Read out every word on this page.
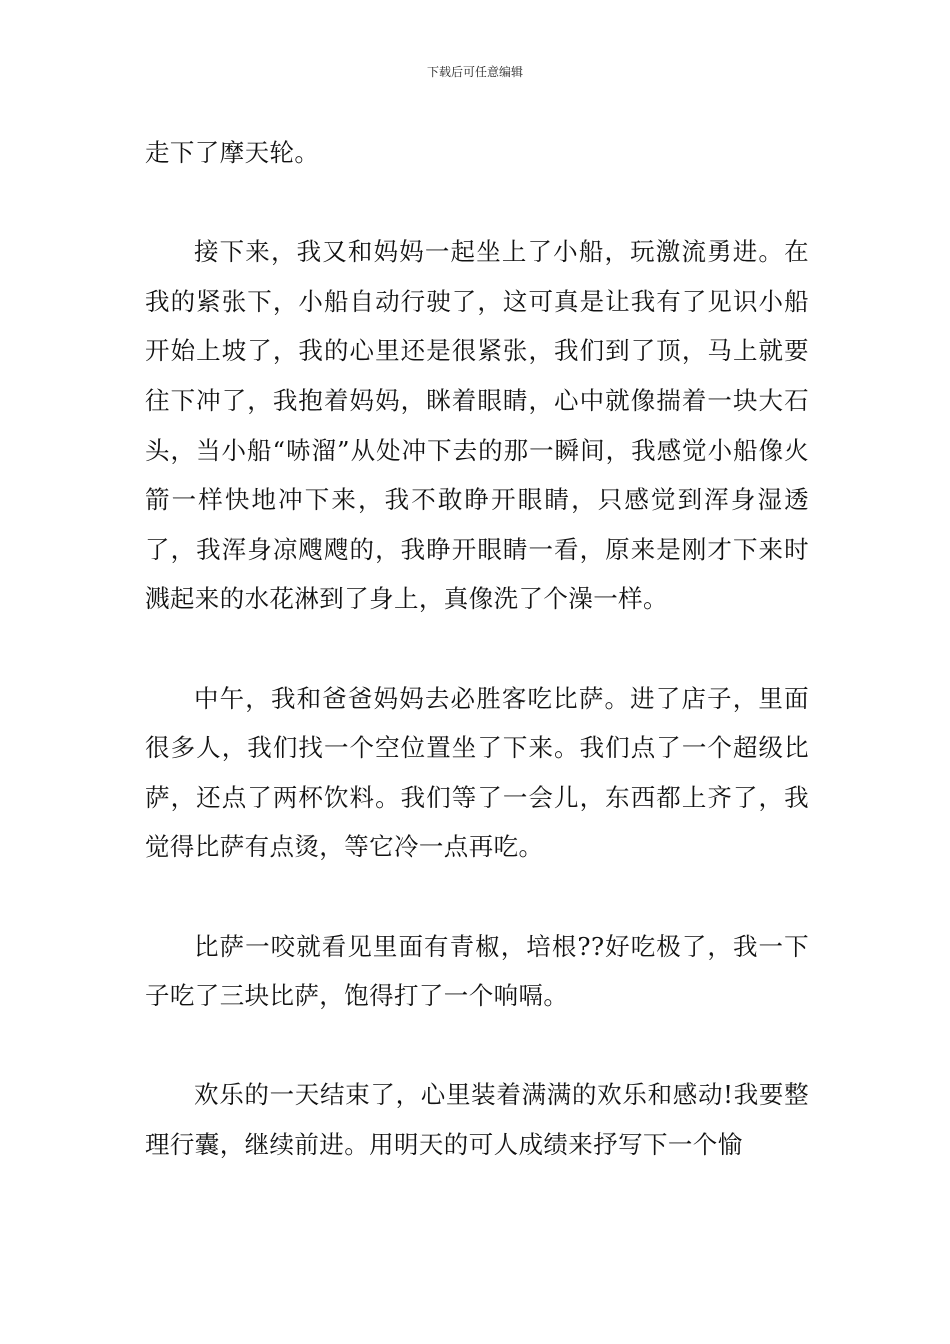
下载后可任意编辑

走下了摩天轮。

接下来，我又和妈妈一起坐上了小船，玩激流勇进。在我的紧张下，小船自动行驶了，这可真是让我有了见识小船开始上坡了，我的心里还是很紧张，我们到了顶，马上就要往下冲了，我抱着妈妈，眯着眼睛，心中就像揣着一块大石头，当小船“哧溜”从处冲下去的那一瞬间，我感觉小船像火箭一样快地冲下来，我不敢睁开眼睛，只感觉到浑身湿透了，我浑身凉飕飕的，我睁开眼睛一看，原来是刚才下来时溅起来的水花淋到了身上，真像洗了个澡一样。

中午，我和爸爸妈妈去必胜客吃比萨。进了店子，里面很多人，我们找一个空位置坐了下来。我们点了一个超级比萨，还点了两杯饮料。我们等了一会儿，东西都上齐了，我觉得比萨有点烫，等它冷一点再吃。

比萨一咬就看见里面有青椒，培根??好吃极了，我一下子吃了三块比萨，饱得打了一个响嗝。

欢乐的一天结束了，心里装着满满的欢乐和感动!我要整理行囊，继续前进。用明天的可人成绩来抒写下一个愉
